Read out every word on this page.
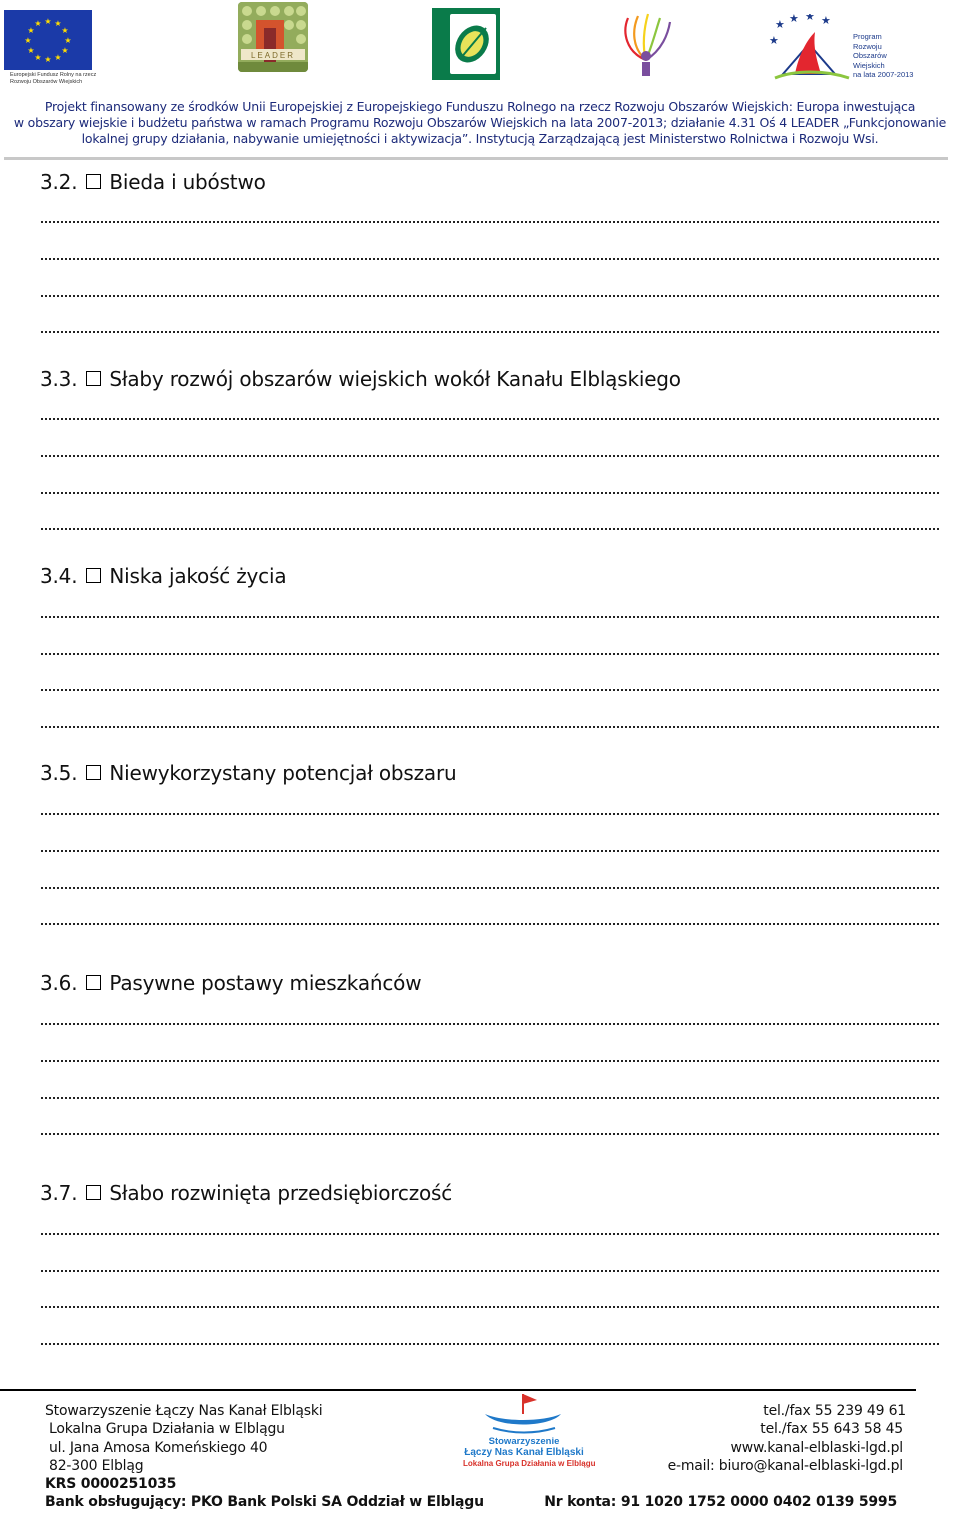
★ ★
★
★
★
★
★
★
★
★
★
★
Europejski Fundusz Rolny na rzecz
Rozwoju Obszarów Wiejskich
LEADER
★ ★ ★ ★
★	Program
Rozwoju
Obszarów
Wiejskich
na lata 2007-2013
Projekt finansowany ze środków Unii Europejskiej z Europejskiego Funduszu Rolnego na rzecz Rozwoju Obszarów Wiejskich: Europa inwestująca
w obszary wiejskie i budżetu państwa w ramach Programu Rozwoju Obszarów Wiejskich na lata 2007-2013; działanie 4.31 Oś 4 LEADER „Funkcjonowanie
lokalnej grupy działania, nabywanie umiejętności i aktywizacja”. Instytucją Zarządzającą jest Ministerstwo Rolnictwa i Rozwoju Wsi.
3.2. Bieda i ubóstwo
3.3. Słaby rozwój obszarów wiejskich wokół Kanału Elbląskiego
3.4. Niska jakość życia
3.5. Niewykorzystany potencjał obszaru
3.6. Pasywne postawy mieszkańców
3.7. Słabo rozwinięta przedsiębiorczość
Stowarzyszenie Łączy Nas Kanał Elbląski
Lokalna Grupa Działania w Elblągu
ul. Jana Amosa Komeńskiego 40
82-300 Elbląg
KRS 0000251035
Bank obsługujący: PKO Bank Polski SA Oddział w Elblągu
Stowarzyszenie
Łączy Nas Kanał Elbląski
Lokalna Grupa Działania w Elblągu
tel./fax 55 239 49 61
tel./fax 55 643 58 45
www.kanal-elblaski-lgd.pl
e-mail: biuro@kanal-elblaski-lgd.pl
Nr konta: 91 1020 1752 0000 0402 0139 5995
